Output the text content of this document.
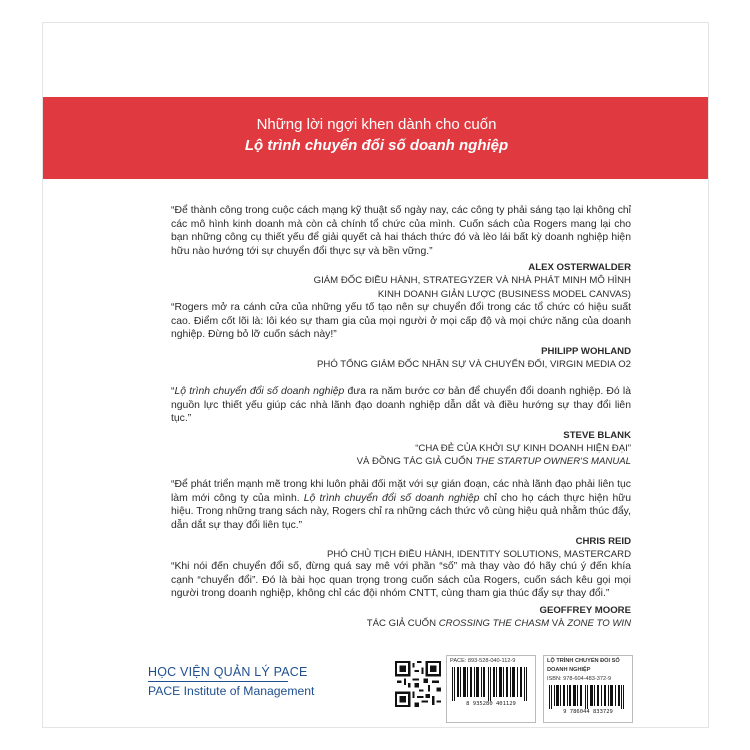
Những lời ngợi khen dành cho cuốn
Lộ trình chuyển đổi số doanh nghiệp

“Để thành công trong cuộc cách mạng kỹ thuật số ngày nay, các công ty phải sáng tạo lại không chỉ các mô hình kinh doanh mà còn cả chính tổ chức của mình. Cuốn sách của Rogers mang lại cho bạn những công cụ thiết yếu để giải quyết cả hai thách thức đó và lèo lái bất kỳ doanh nghiệp hiện hữu nào hướng tới sự chuyển đổi thực sự và bền vững.”

ALEX OSTERWALDER
GIÁM ĐỐC ĐIỀU HÀNH, STRATEGYZER VÀ NHÀ PHÁT MINH MÔ HÌNH
KINH DOANH GIẢN LƯỢC (BUSINESS MODEL CANVAS)

“Rogers mở ra cánh cửa của những yếu tố tạo nên sự chuyển đổi trong các tổ chức có hiệu suất cao. Điểm cốt lõi là: lôi kéo sự tham gia của mọi người ở mọi cấp độ và mọi chức năng của doanh nghiệp. Đừng bỏ lỡ cuốn sách này!”

PHILIPP WOHLAND
PHÓ TỔNG GIÁM ĐỐC NHÂN SỰ VÀ CHUYỂN ĐỔI, VIRGIN MEDIA O2

“Lộ trình chuyển đổi số doanh nghiệp đưa ra năm bước cơ bản để chuyển đổi doanh nghiệp. Đó là nguồn lực thiết yếu giúp các nhà lãnh đạo doanh nghiệp dẫn dắt và điều hướng sự thay đổi liên tục.”

STEVE BLANK
“CHA ĐẺ CỦA KHỞI SỰ KINH DOANH HIỆN ĐẠI”
VÀ ĐỒNG TÁC GIẢ CUỐN THE STARTUP OWNER'S MANUAL

“Để phát triển mạnh mẽ trong khi luôn phải đối mặt với sự gián đoạn, các nhà lãnh đạo phải liên tục làm mới công ty của mình. Lộ trình chuyển đổi số doanh nghiệp chỉ cho họ cách thực hiện hữu hiệu. Trong những trang sách này, Rogers chỉ ra những cách thức vô cùng hiệu quả nhằm thúc đẩy, dẫn dắt sự thay đổi liên tục.”

CHRIS REID
PHÓ CHỦ TỊCH ĐIỀU HÀNH, IDENTITY SOLUTIONS, MASTERCARD

“Khi nói đến chuyển đổi số, đừng quá say mê với phần “số” mà thay vào đó hãy chú ý đến khía cạnh “chuyển đổi”. Đó là bài học quan trọng trong cuốn sách của Rogers, cuốn sách kêu gọi mọi người trong doanh nghiệp, không chỉ các đội nhóm CNTT, cùng tham gia thúc đẩy sự thay đổi.”

GEOFFREY MOORE
TÁC GIẢ CUỐN CROSSING THE CHASM VÀ ZONE TO WIN
HỌC VIỆN QUẢN LÝ PACE
PACE Institute of Management
PACE: 893-528-040-112-9
8 935280 401129
LỘ TRÌNH CHUYỂN ĐỔI SỐ
DOANH NGHIỆP
ISBN: 978-604-483-372-9
9 786044 833729
